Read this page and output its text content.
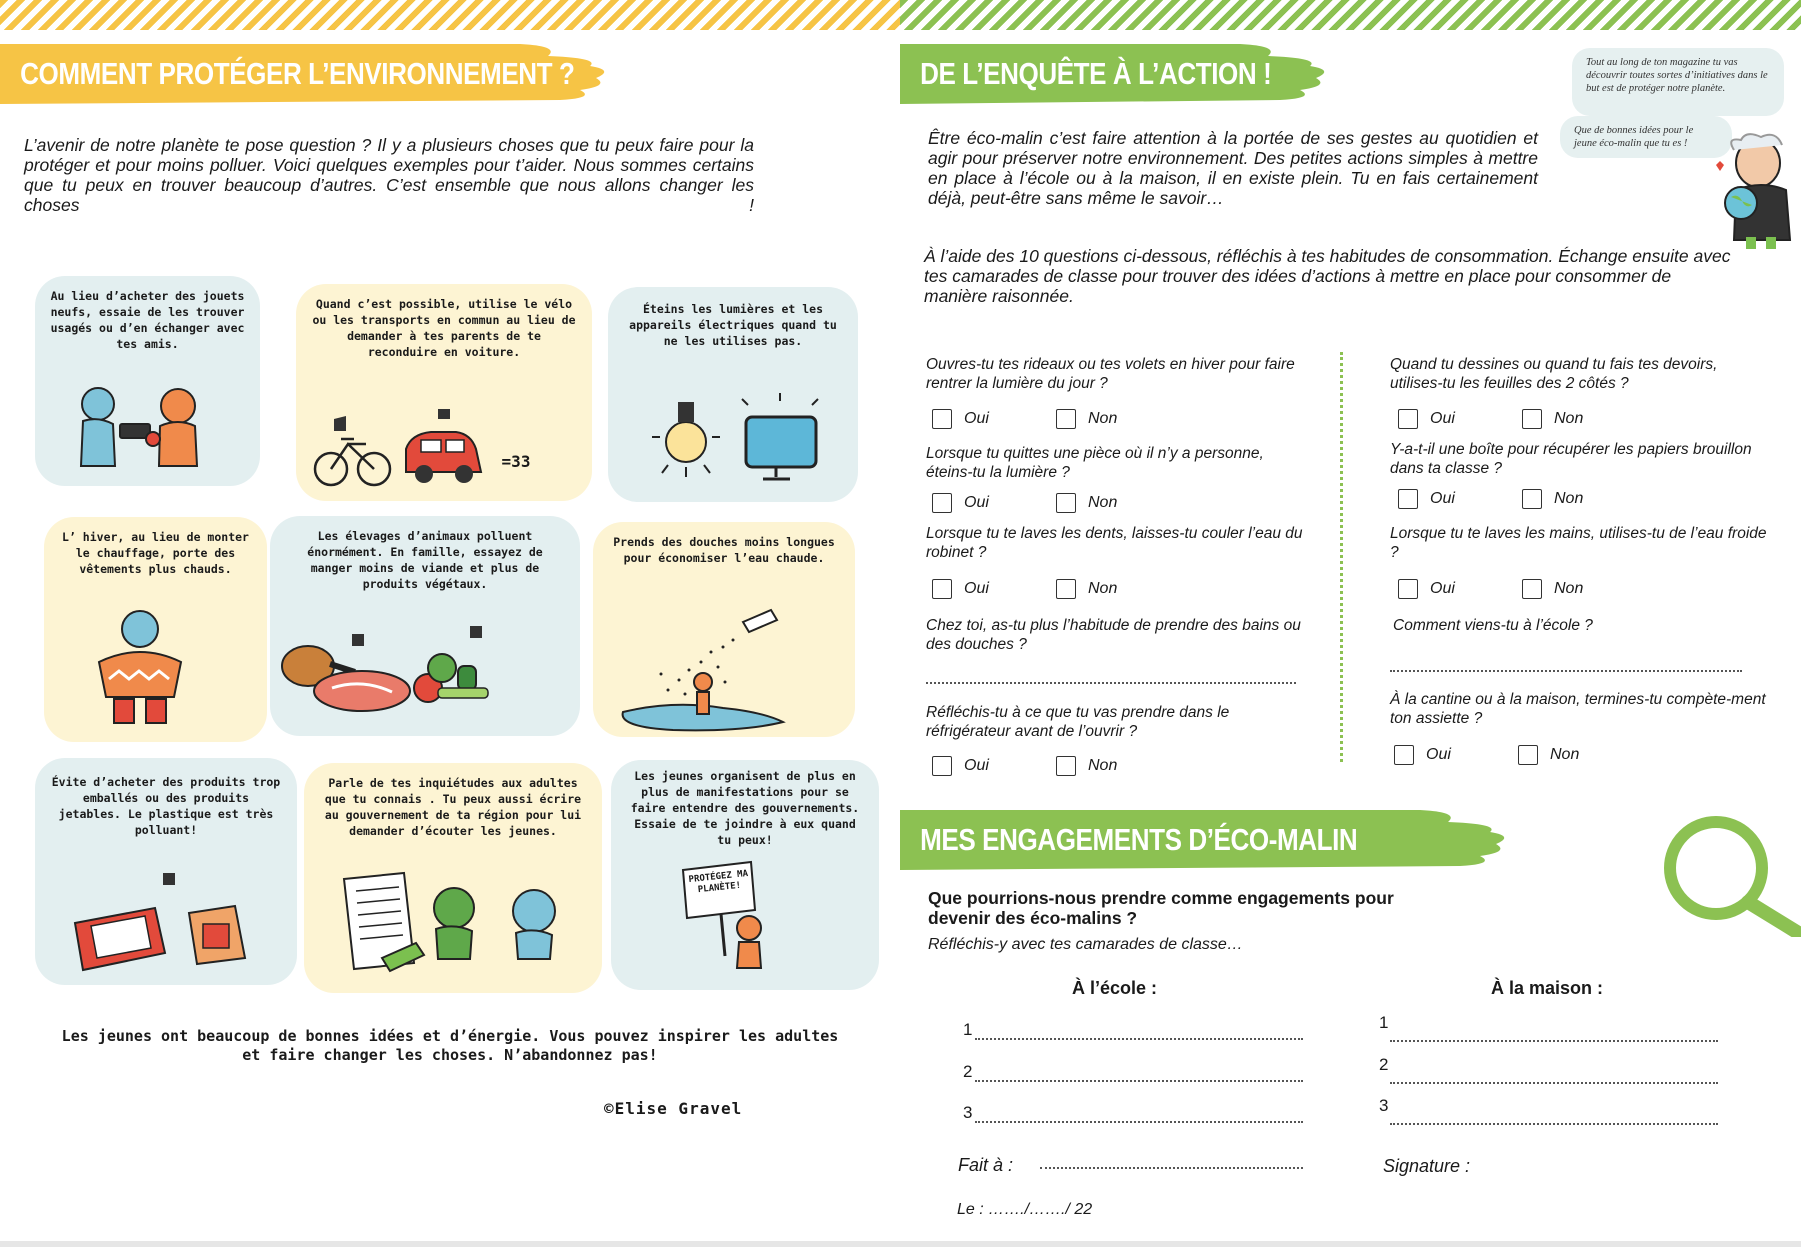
COMMENT PROTÉGER L’ENVIRONNEMENT ?
L’avenir de notre planète te pose question ? Il y a plusieurs choses que tu peux faire pour la protéger et pour moins polluer. Voici quelques exemples pour t’aider. Nous sommes certains que tu peux en trouver beaucoup d’autres. C’est ensemble que nous allons changer les choses !
Au lieu d’acheter des jouets neufs, essaie de les trouver usagés ou d’en échanger avec tes amis.
Quand c’est possible, utilise le vélo ou les transports en commun au lieu de demander à tes parents de te reconduire en voiture.
=33
Éteins les lumières et les appareils électriques quand tu ne les utilises pas.
L’ hiver, au lieu de monter le chauffage, porte des vêtements plus chauds.
Les élevages d’animaux polluent énormément. En famille, essayez de manger moins de viande et plus de produits végétaux.
Prends des douches moins longues pour économiser l’eau chaude.
Évite d’acheter des produits trop emballés ou des produits jetables. Le plastique est très polluant!
Parle de tes inquiétudes aux adultes que tu connais . Tu peux aussi écrire au gouvernement de ta région pour lui demander d’écouter les jeunes.
Les jeunes organisent de plus en plus de manifestations pour se faire entendre des gouvernements. Essaie de te joindre à eux quand tu peux!
PROTÉGEZ MA PLANÈTE!
Les jeunes ont beaucoup de bonnes idées et d’énergie. Vous pouvez inspirer les adultes et faire changer les choses. N’abandonnez pas!
©Elise Gravel
DE L’ENQUÊTE À L’ACTION !
Être éco-malin c’est faire attention à la portée de ses gestes au quotidien et agir pour préserver notre environnement. Des petites actions simples à mettre en place à l’école ou à la maison, il en existe plein. Tu en fais certainement déjà, peut-être sans même le savoir…
Tout au long de ton magazine tu vas découvrir toutes sortes d’initiatives dans le but est de protéger notre planète.
Que de bonnes idées pour le jeune éco-malin que tu es !
À l’aide des 10 questions ci-dessous, réfléchis à tes habitudes de consommation. Échange ensuite avec tes camarades de classe pour trouver des idées d’actions à mettre en place pour consommer de manière raisonnée.
Ouvres-tu tes rideaux ou tes volets en hiver pour faire rentrer la lumière du jour ?
Oui	Non
Lorsque tu quittes une pièce où il n’y a personne, éteins-tu la lumière ?
Oui	Non
Lorsque tu te laves les dents, laisses-tu couler l’eau du robinet ?
Oui	Non
Chez toi, as-tu plus l’habitude de prendre des bains ou des douches ?
Réfléchis-tu à ce que tu vas prendre dans le réfrigérateur avant de l’ouvrir ?
Oui	Non
Quand tu dessines ou quand tu fais tes devoirs, utilises-tu les feuilles des 2 côtés ?
Oui	Non
Y-a-t-il une boîte pour récupérer les papiers brouillon dans ta classe ?
Oui	Non
Lorsque tu te laves les mains, utilises-tu de l’eau froide ?
Oui	Non
Comment viens-tu à l’école ?
À la cantine ou à la maison, termines-tu compète-ment ton assiette ?
Oui	Non
MES ENGAGEMENTS D’ÉCO-MALIN
Que pourrions-nous prendre comme engagements pour devenir des éco-malins ?
Réfléchis-y avec tes camarades de classe…
À l’école :	À la maison :
1
2
3
1
2
3
Fait à :	Signature :
Le : ……./……./ 22
